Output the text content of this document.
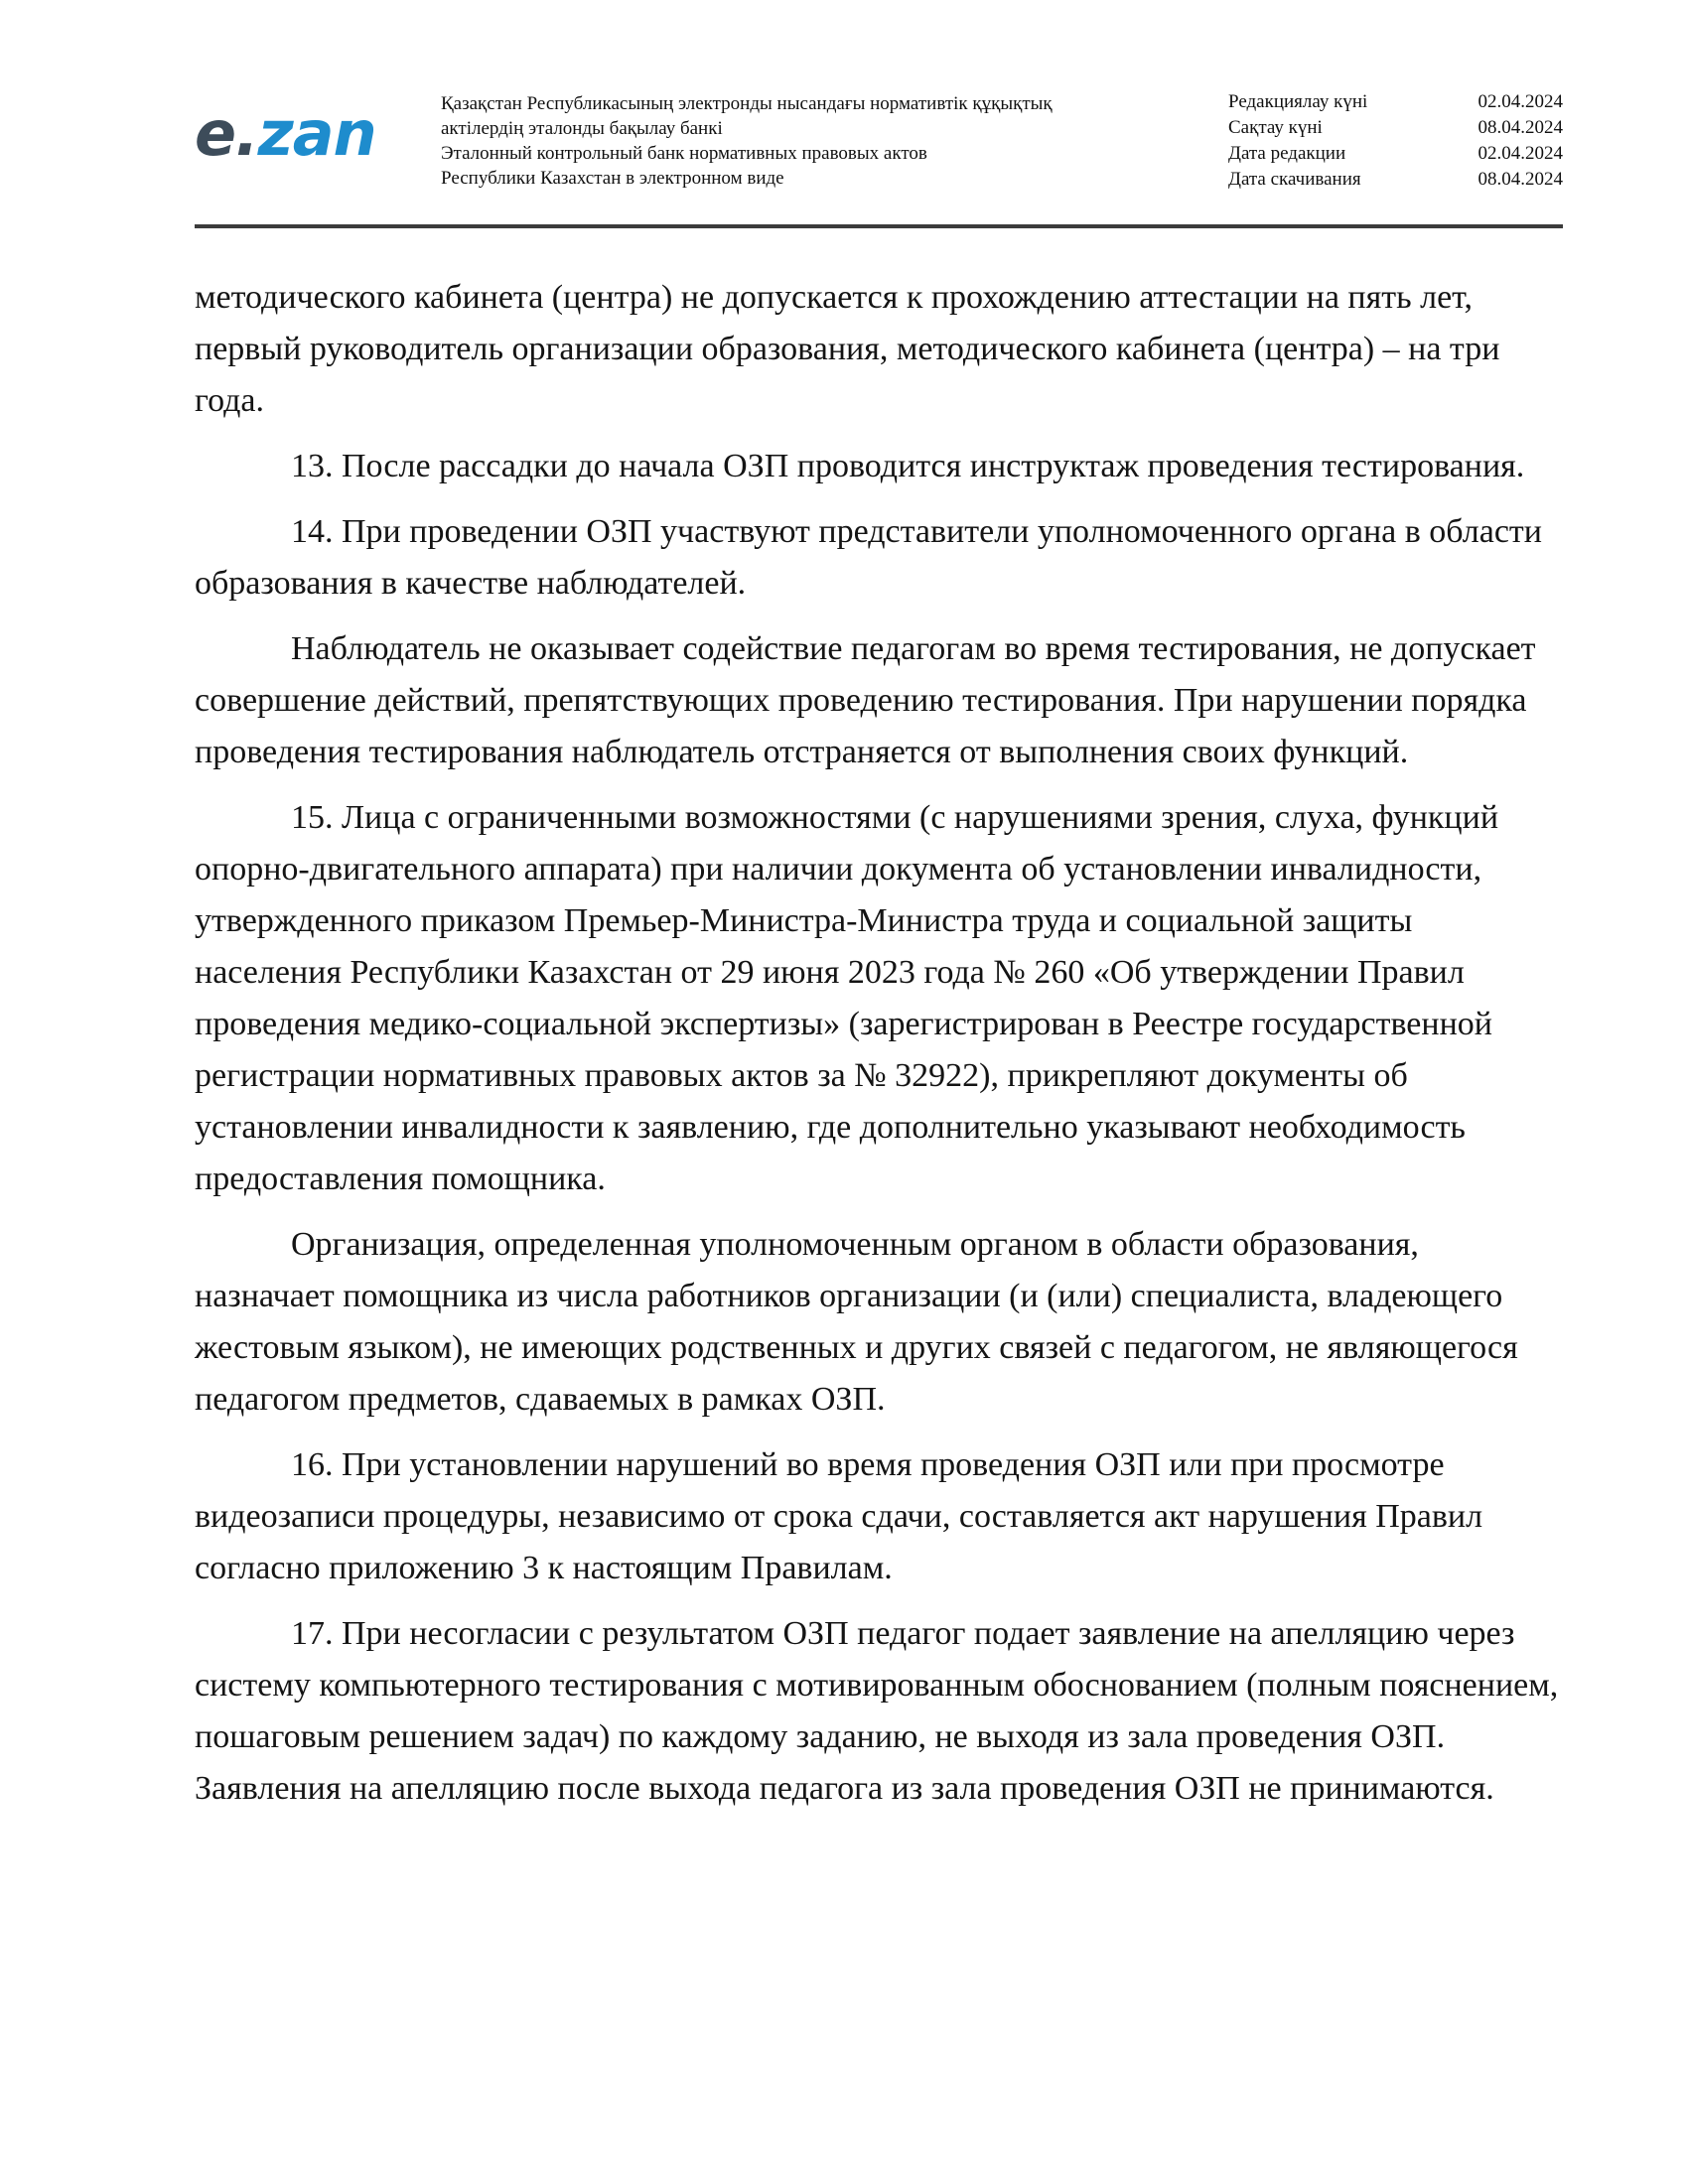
e.zan	Қазақстан Республикасының электронды нысандағы нормативтік құқықтық
актілердің эталонды бақылау банкі
Эталонный контрольный банк нормативных правовых актов
Республики Казахстан в электронном виде
Редакциялау күні	02.04.2024
Сақтау күні	08.04.2024
Дата редакции	02.04.2024
Дата скачивания	08.04.2024

методического кабинета (центра) не допускается к прохождению аттестации на пять лет, первый руководитель организации образования, методического кабинета (центра) – на три года.

13. После рассадки до начала ОЗП проводится инструктаж проведения тестирования.

14. При проведении ОЗП участвуют представители уполномоченного органа в области образования в качестве наблюдателей.

Наблюдатель не оказывает содействие педагогам во время тестирования, не допускает совершение действий, препятствующих проведению тестирования. При нарушении порядка проведения тестирования наблюдатель отстраняется от выполнения своих функций.

15. Лица с ограниченными возможностями (с нарушениями зрения, слуха, функций опорно-двигательного аппарата) при наличии документа об установлении инвалидности, утвержденного приказом Премьер-Министра-Министра труда и социальной защиты населения Республики Казахстан от 29 июня 2023 года № 260 «Об утверждении Правил проведения медико-социальной экспертизы» (зарегистрирован в Реестре государственной регистрации нормативных правовых актов за № 32922), прикрепляют документы об установлении инвалидности к заявлению, где дополнительно указывают необходимость предоставления помощника.

Организация, определенная уполномоченным органом в области образования, назначает помощника из числа работников организации (и (или) специалиста, владеющего жестовым языком), не имеющих родственных и других связей с педагогом, не являющегося педагогом предметов, сдаваемых в рамках ОЗП.

16. При установлении нарушений во время проведения ОЗП или при просмотре видеозаписи процедуры, независимо от срока сдачи, составляется акт нарушения Правил согласно приложению 3 к настоящим Правилам.

17. При несогласии с результатом ОЗП педагог подает заявление на апелляцию через систему компьютерного тестирования с мотивированным обоснованием (полным пояснением, пошаговым решением задач) по каждому заданию, не выходя из зала проведения ОЗП. Заявления на апелляцию после выхода педагога из зала проведения ОЗП не принимаются.
